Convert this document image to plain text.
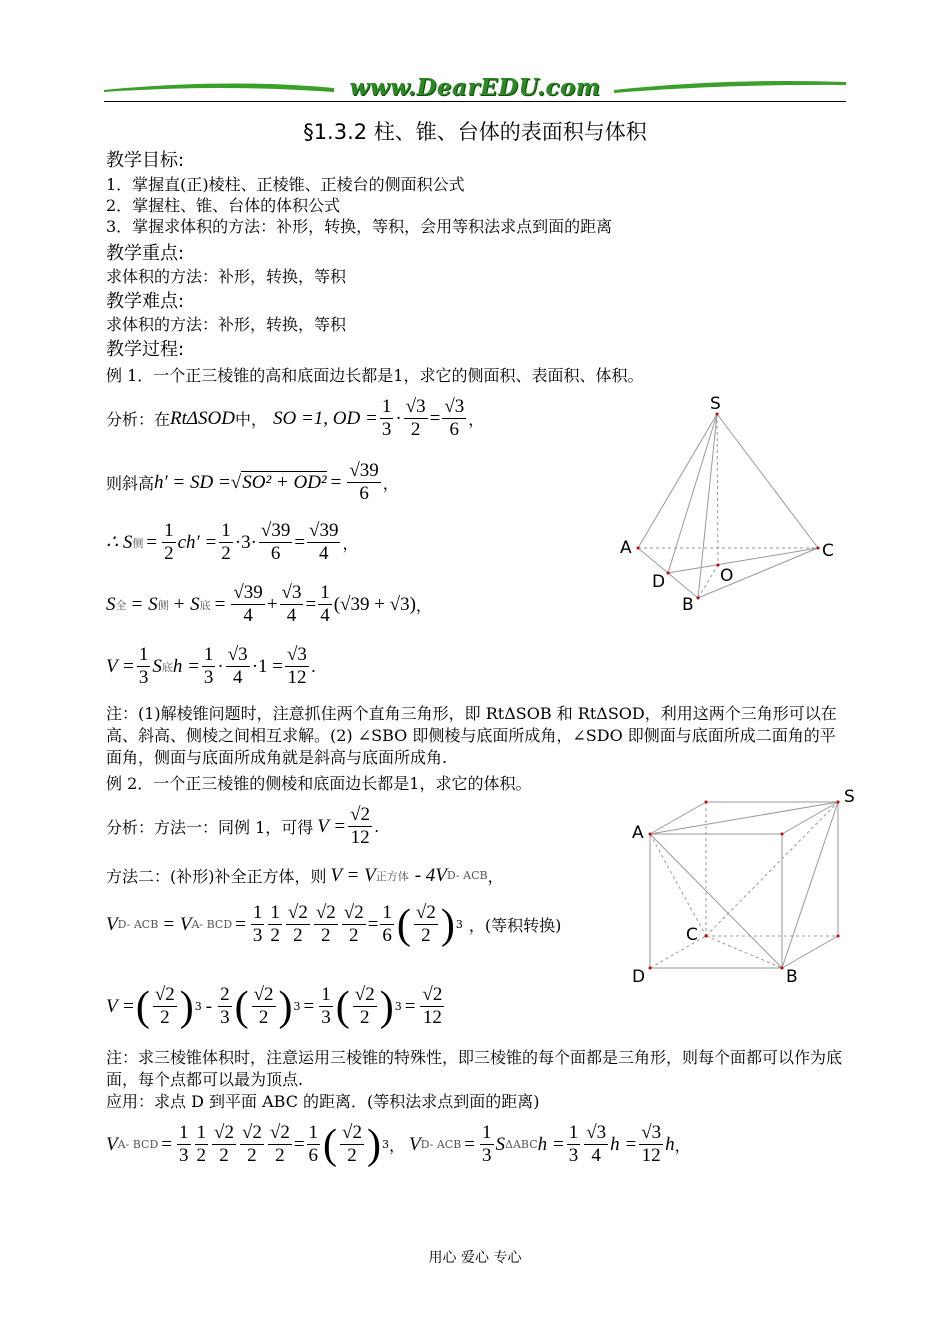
www.DearEDU.com
§1.3.2 柱、锥、台体的表面积与体积
教学目标:
1．掌握直(正)棱柱、正棱锥、正棱台的侧面积公式
2．掌握柱、锥、台体的体积公式
3．掌握求体积的方法：补形，转换，等积，会用等积法求点到面的距离
教学重点:
求体积的方法：补形，转换，等积
教学难点:
求体积的方法：补形，转换，等积
教学过程:
例 1．一个正三棱锥的高和底面边长都是1，求它的侧面积、表面积、体积。
分析：在 RtΔSOD 中， SO =1, OD = $\frac{1}{3} \cdot \frac{√3}{2} = \frac{√3}{6}$ ，
则斜高 h′ = SD = √ $SO^2 + OD^2 = \frac{√39}{6}$ ，
∴ S 侧 = $\frac{1}{2} ch' = \frac{1}{2} \cdot 3 \cdot \frac{√39}{6} = \frac{√39}{4}$ ，
S 全 = S 侧 + S 底 = $\frac{√39}{4} + \frac{√3}{4} = \frac{1}{4} (√39 + √3)$ ，
$V = \frac{1}{3}$ S 底 $h = \frac{1}{3} \cdot \frac{√3}{4} \cdot 1 = \frac{√3}{12}$ .
注：(1)解棱锥问题时，注意抓住两个直角三角形，即 RtΔSOB 和 RtΔSOD，利用这两个三角形可以在高、斜高、侧棱之间相互求解。(2) ∠SBO 即侧棱与底面所成角，∠SDO 即侧面与底面所成二面角的平面角，侧面与底面所成角就是斜高与底面所成角.
例 2．一个正三棱锥的侧棱和底面边长都是1，求它的体积。
分析：方法一：同例 1，可得 $V = \frac{√2}{12}$ .
方法二：(补形)补全正方体，则 V = V 正方体 - 4V D- ACB ，
V D- ACB = V A- BCD = $\frac{1}{3} \frac{1}{2} \frac{√2}{2} \frac{√2}{2} \frac{√2}{2} = \frac{1}{6}$ ( $\frac{√2}{2}$ ) 3 ，(等积转换)
V = ( $\frac{√2}{2}$ ) $3 - \frac{2}{3}$ ( $\frac{√2}{2}$ ) $3 = \frac{1}{3}$ ( $\frac{√2}{2}$ ) $3 = \frac{√2}{12}$
注：求三棱锥体积时，注意运用三棱锥的特殊性，即三棱锥的每个面都是三角形，则每个面都可以作为底面，每个点都可以最为顶点.
应用：求点 D 到平面 ABC 的距离．(等积法求点到面的距离)
V A- BCD = $\frac{1}{3} \frac{1}{2} \frac{√2}{2} \frac{√2}{2} \frac{√2}{2} = \frac{1}{6}$ ( $\frac{√2}{2}$ ) 3 ， V D- ACB = $\frac{1}{3}$ S ΔABC $h = \frac{1}{3} \frac{√3}{4}$ $h = \frac{√3}{12}$ h ，
S
A	C
D	O
B
S
A
C
D	B
用心 爱心 专心
